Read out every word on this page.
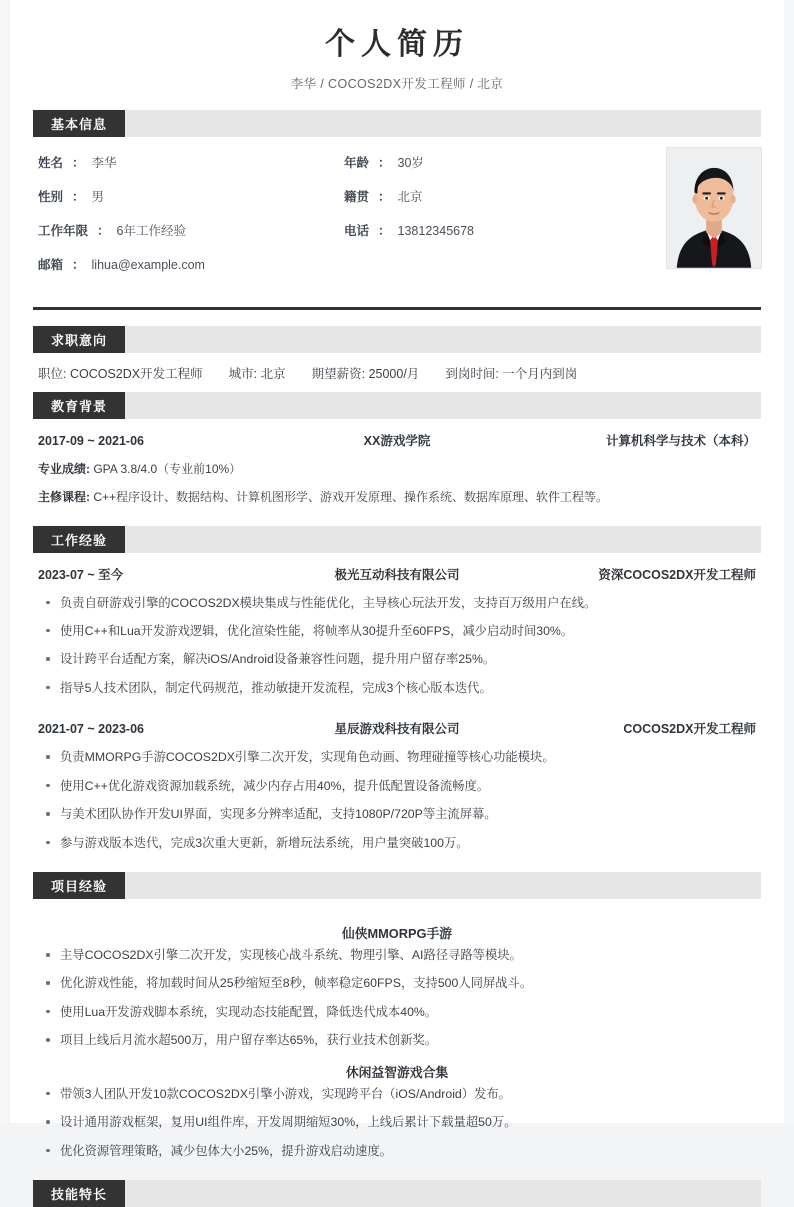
个人简历
李华 / COCOS2DX开发工程师 / 北京
基本信息
姓名 ： 李华	年龄 ： 30岁
性别 ： 男	籍贯 ： 北京
工作年限 ： 6年工作经验	电话 ： 13812345678
邮箱 ： lihua@example.com
求职意向
职位: COCOS2DX开发工程师 城市: 北京 期望薪资: 25000/月 到岗时间: 一个月内到岗
教育背景
2017-09 ~ 2021-06	XX游戏学院	计算机科学与技术（本科）
专业成绩: GPA 3.8/4.0（专业前10%）
主修课程: C++程序设计、数据结构、计算机图形学、游戏开发原理、操作系统、数据库原理、软件工程等。
工作经验
2023-07 ~ 至今	极光互动科技有限公司	资深COCOS2DX开发工程师
负责自研游戏引擎的COCOS2DX模块集成与性能优化，主导核心玩法开发，支持百万级用户在线。
使用C++和Lua开发游戏逻辑，优化渲染性能，将帧率从30提升至60FPS，减少启动时间30%。
设计跨平台适配方案，解决iOS/Android设备兼容性问题，提升用户留存率25%。
指导5人技术团队，制定代码规范，推动敏捷开发流程，完成3个核心版本迭代。
2021-07 ~ 2023-06	星辰游戏科技有限公司	COCOS2DX开发工程师
负责MMORPG手游COCOS2DX引擎二次开发，实现角色动画、物理碰撞等核心功能模块。
使用C++优化游戏资源加载系统，减少内存占用40%，提升低配置设备流畅度。
与美术团队协作开发UI界面，实现多分辨率适配，支持1080P/720P等主流屏幕。
参与游戏版本迭代，完成3次重大更新，新增玩法系统，用户量突破100万。
项目经验
仙侠MMORPG手游
主导COCOS2DX引擎二次开发，实现核心战斗系统、物理引擎、AI路径寻路等模块。
优化游戏性能，将加载时间从25秒缩短至8秒，帧率稳定60FPS，支持500人同屏战斗。
使用Lua开发游戏脚本系统，实现动态技能配置，降低迭代成本40%。
项目上线后月流水超500万，用户留存率达65%，获行业技术创新奖。
休闲益智游戏合集
带领3人团队开发10款COCOS2DX引擎小游戏，实现跨平台（iOS/Android）发布。
设计通用游戏框架，复用UI组件库，开发周期缩短30%，上线后累计下载量超50万。
优化资源管理策略，减少包体大小25%，提升游戏启动速度。
技能特长
